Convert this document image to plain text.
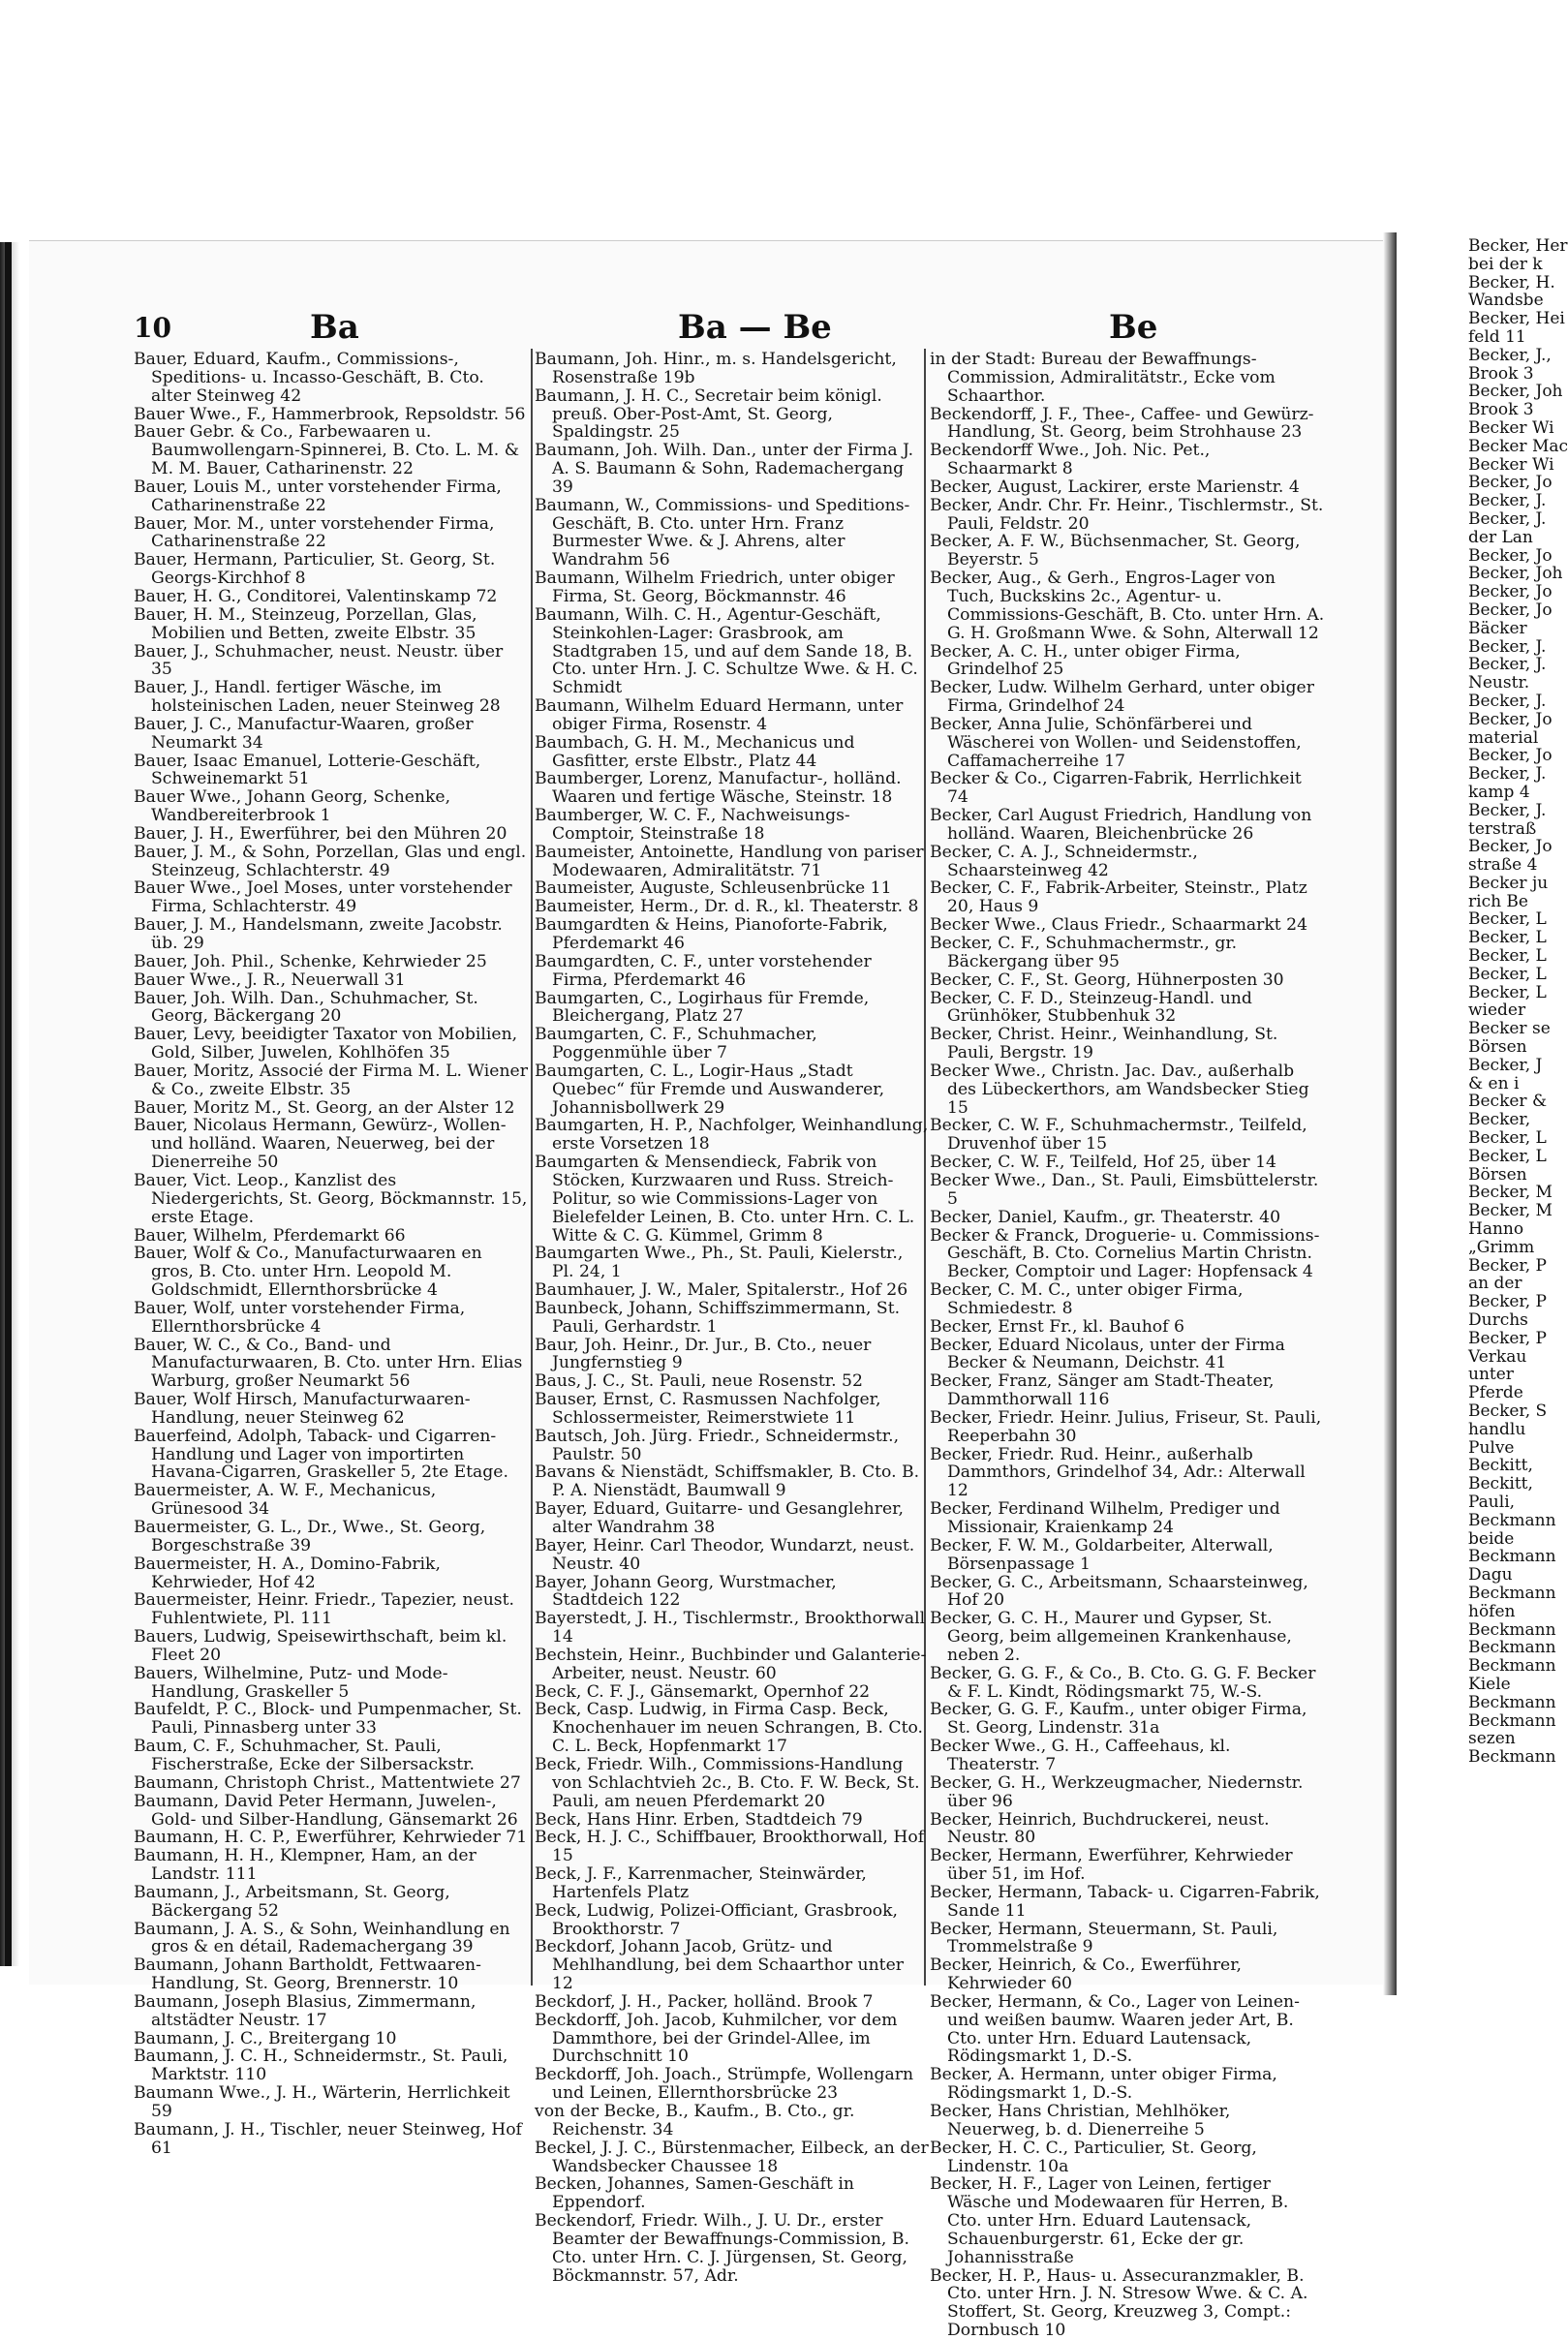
Becker, Her
bei der k
Becker, H.
Wandsbe
Becker, Hei
feld 11
Becker, J.,
Brook 3
Becker, Joh
Brook 3
Becker Wi
Becker Mac
Becker Wi
Becker, Jo
Becker, J.
Becker, J.
der Lan
Becker, Jo
Becker, Joh
Becker, Jo
Becker, Jo
Bäcker
Becker, J.
Becker, J.
Neustr.
Becker, J.
Becker, Jo
material
Becker, Jo
Becker, J.
kamp 4
Becker, J.
terstraß
Becker, Jo
straße 4
Becker ju
rich Be
Becker, L
Becker, L
Becker, L
Becker, L
Becker, L
wieder
Becker se
Börsen
Becker, J
& en i
Becker &
Becker,
Becker, L
Becker, L
Börsen
Becker, M
Becker, M
Hanno
„Grimm
Becker, P
an der
Becker, P
Durchs
Becker, P
Verkau
unter
Pferde
Becker, S
handlu
Pulve
Beckitt,
Beckitt,
Pauli,
Beckmann
beide
Beckmann
Dagu
Beckmann
höfen
Beckmann
Beckmann
Beckmann
Kiele
Beckmann
Beckmann
sezen
Beckmann
10	Ba	Ba — Be	Be

Bauer, Eduard, Kaufm., Commissions-, Speditions- u. Incasso-Geschäft, B. Cto. alter Steinweg 42

Bauer Wwe., F., Hammerbrook, Repsoldstr. 56

Bauer Gebr. & Co., Farbewaaren u. Baumwollengarn-Spinnerei, B. Cto. L. M. & M. M. Bauer, Catharinenstr. 22

Bauer, Louis M., unter vorstehender Firma, Catharinenstraße 22

Bauer, Mor. M., unter vorstehender Firma, Catharinenstraße 22

Bauer, Hermann, Particulier, St. Georg, St. Georgs-Kirchhof 8

Bauer, H. G., Conditorei, Valentinskamp 72

Bauer, H. M., Steinzeug, Porzellan, Glas, Mobilien und Betten, zweite Elbstr. 35

Bauer, J., Schuhmacher, neust. Neustr. über 35

Bauer, J., Handl. fertiger Wäsche, im holsteinischen Laden, neuer Steinweg 28

Bauer, J. C., Manufactur-Waaren, großer Neumarkt 34

Bauer, Isaac Emanuel, Lotterie-Geschäft, Schweinemarkt 51

Bauer Wwe., Johann Georg, Schenke, Wandbereiterbrook 1

Bauer, J. H., Ewerführer, bei den Mühren 20

Bauer, J. M., & Sohn, Porzellan, Glas und engl. Steinzeug, Schlachterstr. 49

Bauer Wwe., Joel Moses, unter vorstehender Firma, Schlachterstr. 49

Bauer, J. M., Handelsmann, zweite Jacobstr. üb. 29

Bauer, Joh. Phil., Schenke, Kehrwieder 25

Bauer Wwe., J. R., Neuerwall 31

Bauer, Joh. Wilh. Dan., Schuhmacher, St. Georg, Bäckergang 20

Bauer, Levy, beeidigter Taxator von Mobilien, Gold, Silber, Juwelen, Kohlhöfen 35

Bauer, Moritz, Associé der Firma M. L. Wiener & Co., zweite Elbstr. 35

Bauer, Moritz M., St. Georg, an der Alster 12

Bauer, Nicolaus Hermann, Gewürz-, Wollen- und holländ. Waaren, Neuerweg, bei der Dienerreihe 50

Bauer, Vict. Leop., Kanzlist des Niedergerichts, St. Georg, Böckmannstr. 15, erste Etage.

Bauer, Wilhelm, Pferdemarkt 66

Bauer, Wolf & Co., Manufacturwaaren en gros, B. Cto. unter Hrn. Leopold M. Goldschmidt, Ellernthorsbrücke 4

Bauer, Wolf, unter vorstehender Firma, Ellernthorsbrücke 4

Bauer, W. C., & Co., Band- und Manufacturwaaren, B. Cto. unter Hrn. Elias Warburg, großer Neumarkt 56

Bauer, Wolf Hirsch, Manufacturwaaren-Handlung, neuer Steinweg 62

Bauerfeind, Adolph, Taback- und Cigarren-Handlung und Lager von importirten Havana-Cigarren, Graskeller 5, 2te Etage.

Bauermeister, A. W. F., Mechanicus, Grünesood 34

Bauermeister, G. L., Dr., Wwe., St. Georg, Borgeschstraße 39

Bauermeister, H. A., Domino-Fabrik, Kehrwieder, Hof 42

Bauermeister, Heinr. Friedr., Tapezier, neust. Fuhlentwiete, Pl. 111

Bauers, Ludwig, Speisewirthschaft, beim kl. Fleet 20

Bauers, Wilhelmine, Putz- und Mode-Handlung, Graskeller 5

Baufeldt, P. C., Block- und Pumpenmacher, St. Pauli, Pinnasberg unter 33

Baum, C. F., Schuhmacher, St. Pauli, Fischerstraße, Ecke der Silbersackstr.

Baumann, Christoph Christ., Mattentwiete 27

Baumann, David Peter Hermann, Juwelen-, Gold- und Silber-Handlung, Gänsemarkt 26

Baumann, H. C. P., Ewerführer, Kehrwieder 71

Baumann, H. H., Klempner, Ham, an der Landstr. 111

Baumann, J., Arbeitsmann, St. Georg, Bäckergang 52

Baumann, J. A. S., & Sohn, Weinhandlung en gros & en détail, Rademachergang 39

Baumann, Johann Bartholdt, Fettwaaren-Handlung, St. Georg, Brennerstr. 10

Baumann, Joseph Blasius, Zimmermann, altstädter Neustr. 17

Baumann, J. C., Breitergang 10

Baumann, J. C. H., Schneidermstr., St. Pauli, Marktstr. 110

Baumann Wwe., J. H., Wärterin, Herrlichkeit 59

Baumann, J. H., Tischler, neuer Steinweg, Hof 61

Baumann, Joh. Hinr., m. s. Handelsgericht, Rosenstraße 19b

Baumann, J. H. C., Secretair beim königl. preuß. Ober-Post-Amt, St. Georg, Spaldingstr. 25

Baumann, Joh. Wilh. Dan., unter der Firma J. A. S. Baumann & Sohn, Rademachergang 39

Baumann, W., Commissions- und Speditions-Geschäft, B. Cto. unter Hrn. Franz Burmester Wwe. & J. Ahrens, alter Wandrahm 56

Baumann, Wilhelm Friedrich, unter obiger Firma, St. Georg, Böckmannstr. 46

Baumann, Wilh. C. H., Agentur-Geschäft, Steinkohlen-Lager: Grasbrook, am Stadtgraben 15, und auf dem Sande 18, B. Cto. unter Hrn. J. C. Schultze Wwe. & H. C. Schmidt

Baumann, Wilhelm Eduard Hermann, unter obiger Firma, Rosenstr. 4

Baumbach, G. H. M., Mechanicus und Gasfitter, erste Elbstr., Platz 44

Baumberger, Lorenz, Manufactur-, holländ. Waaren und fertige Wäsche, Steinstr. 18

Baumberger, W. C. F., Nachweisungs-Comptoir, Steinstraße 18

Baumeister, Antoinette, Handlung von pariser Modewaaren, Admiralitätstr. 71

Baumeister, Auguste, Schleusenbrücke 11

Baumeister, Herm., Dr. d. R., kl. Theaterstr. 8

Baumgardten & Heins, Pianoforte-Fabrik, Pferdemarkt 46

Baumgardten, C. F., unter vorstehender Firma, Pferdemarkt 46

Baumgarten, C., Logirhaus für Fremde, Bleichergang, Platz 27

Baumgarten, C. F., Schuhmacher, Poggenmühle über 7

Baumgarten, C. L., Logir-Haus „Stadt Quebec“ für Fremde und Auswanderer, Johannisbollwerk 29

Baumgarten, H. P., Nachfolger, Weinhandlung, erste Vorsetzen 18

Baumgarten & Mensendieck, Fabrik von Stöcken, Kurzwaaren und Russ. Streich-Politur, so wie Commissions-Lager von Bielefelder Leinen, B. Cto. unter Hrn. C. L. Witte & C. G. Kümmel, Grimm 8

Baumgarten Wwe., Ph., St. Pauli, Kielerstr., Pl. 24, 1

Baumhauer, J. W., Maler, Spitalerstr., Hof 26

Baunbeck, Johann, Schiffszimmermann, St. Pauli, Gerhardstr. 1

Baur, Joh. Heinr., Dr. Jur., B. Cto., neuer Jungfernstieg 9

Baus, J. C., St. Pauli, neue Rosenstr. 52

Bauser, Ernst, C. Rasmussen Nachfolger, Schlossermeister, Reimerstwiete 11

Bautsch, Joh. Jürg. Friedr., Schneidermstr., Paulstr. 50

Bavans & Nienstädt, Schiffsmakler, B. Cto. B. P. A. Nienstädt, Baumwall 9

Bayer, Eduard, Guitarre- und Gesanglehrer, alter Wandrahm 38

Bayer, Heinr. Carl Theodor, Wundarzt, neust. Neustr. 40

Bayer, Johann Georg, Wurstmacher, Stadtdeich 122

Bayerstedt, J. H., Tischlermstr., Brookthorwall 14

Bechstein, Heinr., Buchbinder und Galanterie-Arbeiter, neust. Neustr. 60

Beck, C. F. J., Gänsemarkt, Opernhof 22

Beck, Casp. Ludwig, in Firma Casp. Beck, Knochenhauer im neuen Schrangen, B. Cto. C. L. Beck, Hopfenmarkt 17

Beck, Friedr. Wilh., Commissions-Handlung von Schlachtvieh 2c., B. Cto. F. W. Beck, St. Pauli, am neuen Pferdemarkt 20

Beck, Hans Hinr. Erben, Stadtdeich 79

Beck, H. J. C., Schiffbauer, Brookthorwall, Hof 15

Beck, J. F., Karrenmacher, Steinwärder, Hartenfels Platz

Beck, Ludwig, Polizei-Officiant, Grasbrook, Brookthorstr. 7

Beckdorf, Johann Jacob, Grütz- und Mehlhandlung, bei dem Schaarthor unter 12

Beckdorf, J. H., Packer, holländ. Brook 7

Beckdorff, Joh. Jacob, Kuhmilcher, vor dem Dammthore, bei der Grindel-Allee, im Durchschnitt 10

Beckdorff, Joh. Joach., Strümpfe, Wollengarn und Leinen, Ellernthorsbrücke 23

von der Becke, B., Kaufm., B. Cto., gr. Reichenstr. 34

Beckel, J. J. C., Bürstenmacher, Eilbeck, an der Wandsbecker Chaussee 18

Becken, Johannes, Samen-Geschäft in Eppendorf.

Beckendorf, Friedr. Wilh., J. U. Dr., erster Beamter der Bewaffnungs-Commission, B. Cto. unter Hrn. C. J. Jürgensen, St. Georg, Böckmannstr. 57, Adr.

in der Stadt: Bureau der Bewaffnungs-Commission, Admiralitätstr., Ecke vom Schaarthor.

Beckendorff, J. F., Thee-, Caffee- und Gewürz-Handlung, St. Georg, beim Strohhause 23

Beckendorff Wwe., Joh. Nic. Pet., Schaarmarkt 8

Becker, August, Lackirer, erste Marienstr. 4

Becker, Andr. Chr. Fr. Heinr., Tischlermstr., St. Pauli, Feldstr. 20

Becker, A. F. W., Büchsenmacher, St. Georg, Beyerstr. 5

Becker, Aug., & Gerh., Engros-Lager von Tuch, Buckskins 2c., Agentur- u. Commissions-Geschäft, B. Cto. unter Hrn. A. G. H. Großmann Wwe. & Sohn, Alterwall 12

Becker, A. C. H., unter obiger Firma, Grindelhof 25

Becker, Ludw. Wilhelm Gerhard, unter obiger Firma, Grindelhof 24

Becker, Anna Julie, Schönfärberei und Wäscherei von Wollen- und Seidenstoffen, Caffamacherreihe 17

Becker & Co., Cigarren-Fabrik, Herrlichkeit 74

Becker, Carl August Friedrich, Handlung von holländ. Waaren, Bleichenbrücke 26

Becker, C. A. J., Schneidermstr., Schaarsteinweg 42

Becker, C. F., Fabrik-Arbeiter, Steinstr., Platz 20, Haus 9

Becker Wwe., Claus Friedr., Schaarmarkt 24

Becker, C. F., Schuhmachermstr., gr. Bäckergang über 95

Becker, C. F., St. Georg, Hühnerposten 30

Becker, C. F. D., Steinzeug-Handl. und Grünhöker, Stubbenhuk 32

Becker, Christ. Heinr., Weinhandlung, St. Pauli, Bergstr. 19

Becker Wwe., Christn. Jac. Dav., außerhalb des Lübeckerthors, am Wandsbecker Stieg 15

Becker, C. W. F., Schuhmachermstr., Teilfeld, Druvenhof über 15

Becker, C. W. F., Teilfeld, Hof 25, über 14

Becker Wwe., Dan., St. Pauli, Eimsbüttelerstr. 5

Becker, Daniel, Kaufm., gr. Theaterstr. 40

Becker & Franck, Droguerie- u. Commissions-Geschäft, B. Cto. Cornelius Martin Christn. Becker, Comptoir und Lager: Hopfensack 4

Becker, C. M. C., unter obiger Firma, Schmiedestr. 8

Becker, Ernst Fr., kl. Bauhof 6

Becker, Eduard Nicolaus, unter der Firma Becker & Neumann, Deichstr. 41

Becker, Franz, Sänger am Stadt-Theater, Dammthorwall 116

Becker, Friedr. Heinr. Julius, Friseur, St. Pauli, Reeperbahn 30

Becker, Friedr. Rud. Heinr., außerhalb Dammthors, Grindelhof 34, Adr.: Alterwall 12

Becker, Ferdinand Wilhelm, Prediger und Missionair, Kraienkamp 24

Becker, F. W. M., Goldarbeiter, Alterwall, Börsenpassage 1

Becker, G. C., Arbeitsmann, Schaarsteinweg, Hof 20

Becker, G. C. H., Maurer und Gypser, St. Georg, beim allgemeinen Krankenhause, neben 2.

Becker, G. G. F., & Co., B. Cto. G. G. F. Becker & F. L. Kindt, Rödingsmarkt 75, W.-S.

Becker, G. G. F., Kaufm., unter obiger Firma, St. Georg, Lindenstr. 31a

Becker Wwe., G. H., Caffeehaus, kl. Theaterstr. 7

Becker, G. H., Werkzeugmacher, Niedernstr. über 96

Becker, Heinrich, Buchdruckerei, neust. Neustr. 80

Becker, Hermann, Ewerführer, Kehrwieder über 51, im Hof.

Becker, Hermann, Taback- u. Cigarren-Fabrik, Sande 11

Becker, Hermann, Steuermann, St. Pauli, Trommelstraße 9

Becker, Heinrich, & Co., Ewerführer, Kehrwieder 60

Becker, Hermann, & Co., Lager von Leinen- und weißen baumw. Waaren jeder Art, B. Cto. unter Hrn. Eduard Lautensack, Rödingsmarkt 1, D.-S.

Becker, A. Hermann, unter obiger Firma, Rödingsmarkt 1, D.-S.

Becker, Hans Christian, Mehlhöker, Neuerweg, b. d. Dienerreihe 5

Becker, H. C. C., Particulier, St. Georg, Lindenstr. 10a

Becker, H. F., Lager von Leinen, fertiger Wäsche und Modewaaren für Herren, B. Cto. unter Hrn. Eduard Lautensack, Schauenburgerstr. 61, Ecke der gr. Johannisstraße

Becker, H. P., Haus- u. Assecuranzmakler, B. Cto. unter Hrn. J. N. Stresow Wwe. & C. A. Stoffert, St. Georg, Kreuzweg 3, Compt.: Dornbusch 10
